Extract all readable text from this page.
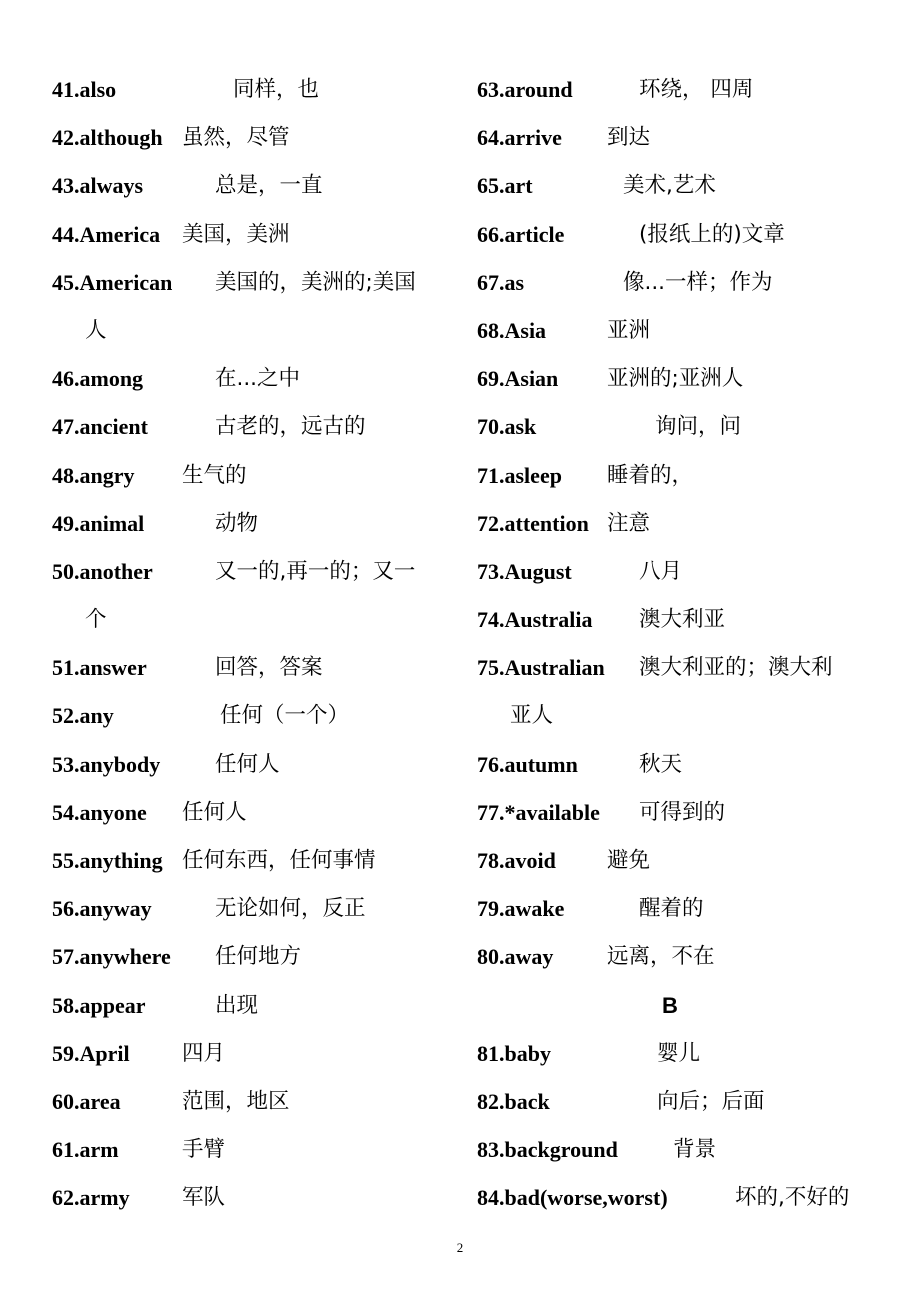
41.also	同样，也
42.although 虽然，尽管
43.always	总是，一直
44.America 美国，美洲
45.American 美国的，美洲的;美国
人
46.among	在...之中
47.ancient	古老的，远古的
48.angry 生气的
49.animal	动物
50.another	又一的,再一的；又一
个
51.answer	回答，答案
52.any	任何（一个）
53.anybody	任何人
54.anyone 任何人
55.anything 任何东西，任何事情
56.anyway	无论如何，反正
57.anywhere 任何地方
58.appear	出现
59.April 四月
60.area	范围，地区
61.arm	手臂
62.army 军队
63.around	环绕， 四周
64.arrive 到达
65.art	美术,艺术
66.article	(报纸上的)文章
67.as	像...一样；作为
68.Asia	亚洲
69.Asian 亚洲的;亚洲人
70.ask	询问，问
71.asleep 睡着的，
72.attention 注意
73.August	八月
74.Australia 澳大利亚
75.Australian 澳大利亚的；澳大利
亚人
76.autumn	秋天
77.*available 可得到的
78.avoid 避免
79.awake	醒着的
80.away 远离，不在
B
81.baby	婴儿
82.back	向后；后面
83.background	背景
84.bad(worse,worst)	坏的,不好的
2
